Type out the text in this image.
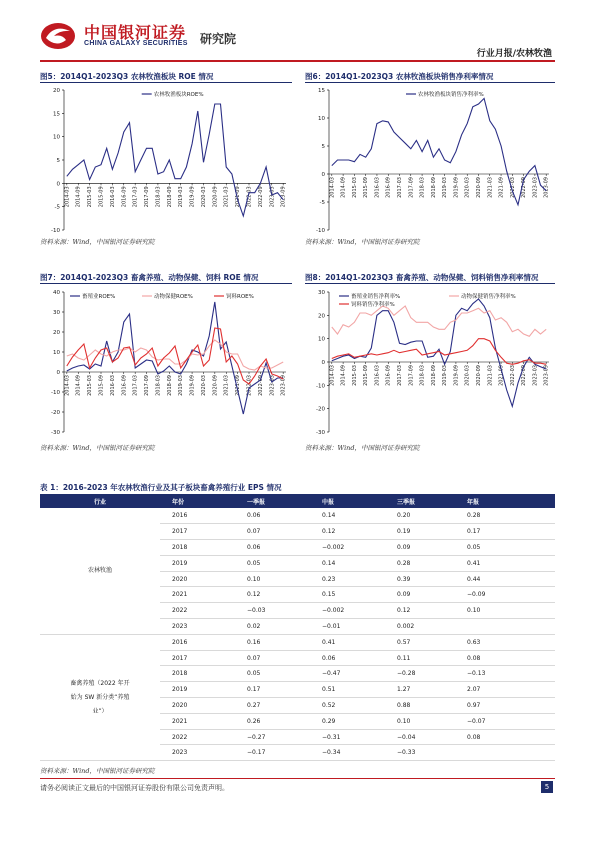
中国银河证券
CHINA GALAXY SECURITIES 研究院
行业月报/农林牧渔
图5：2014Q1-2023Q3 农林牧渔板块 ROE 情况
-10
-5
0
5
10
15
20
2014-03 2014-09 2015-03 2015-09 2016-03 2016-09 2017-03 2017-09 2018-03 2018-09 2019-03 2019-09 2020-03 2020-09 2021-03 2021-09 2022-03 2022-09 2023-03 2023-09
农林牧渔板块ROE%
资料来源：Wind，中国银河证券研究院
图6：2014Q1-2023Q3 农林牧渔板块销售净利率情况
-10
-5
0
5
10
15
2014-03 2014-09 2015-03 2015-09 2016-03 2016-09 2017-03 2017-09 2018-03 2018-09 2019-03 2019-09 2020-03 2020-09 2021-03 2021-09 2022-03 2022-09 2023-03 2023-09
农林牧渔板块销售净利率%
资料来源：Wind，中国银河证券研究院
图7：2014Q1-2023Q3 畜禽养殖、动物保健、饲料 ROE 情况
-30
-20
-10
0
10
20
30
40
2014-03 2014-09 2015-03 2015-09 2016-03 2016-09 2017-03 2017-09 2018-03 2018-09 2019-03 2019-09 2020-03 2020-09 2021-03 2021-09 2022-03 2022-09 2023-03 2023-09
畜殖业ROE%	动物保健ROE%	饲料ROE%
资料来源：Wind，中国银河证券研究院
图8：2014Q1-2023Q3 畜禽养殖、动物保健、饲料销售净利率情况
-30
-20
-10
0
10
20
30
2014-03 2014-09 2015-03 2015-09 2016-03 2016-09 2017-03 2017-09 2018-03 2018-09 2019-03 2019-09 2020-03 2020-09 2021-03 2021-09 2022-03 2022-09 2023-03 2023-09
畜殖业销售净利率%	动物保健销售净利率%
饲料销售净利率%
资料来源：Wind，中国银河证券研究院
表 1：2016-2023 年农林牧渔行业及其子板块畜禽养殖行业 EPS 情况
行业	年份	一季报	中报	三季报	年报
农林牧渔	2016	0.06	0.14	0.20	0.28
	2017	0.07	0.12	0.19	0.17
	2018	0.06	−0.002	0.09	0.05
	2019	0.05	0.14	0.28	0.41
	2020	0.10	0.23	0.39	0.44
	2021	0.12	0.15	0.09	−0.09
	2022	−0.03	−0.002	0.12	0.10
	2023	0.02	−0.01	0.002	
畜禽养殖（2022 年开始为 SW 新分类“养殖业”）	2016	0.16	0.41	0.57	0.63
	2017	0.07	0.06	0.11	0.08
	2018	0.05	−0.47	−0.28	−0.13
	2019	0.17	0.51	1.27	2.07
	2020	0.27	0.52	0.88	0.97
	2021	0.26	0.29	0.10	−0.07
	2022	−0.27	−0.31	−0.04	0.08
	2023	−0.17	−0.34	−0.33	
资料来源：Wind，中国银河证券研究院
请务必阅读正文最后的中国银河证券股份有限公司免责声明。	5
